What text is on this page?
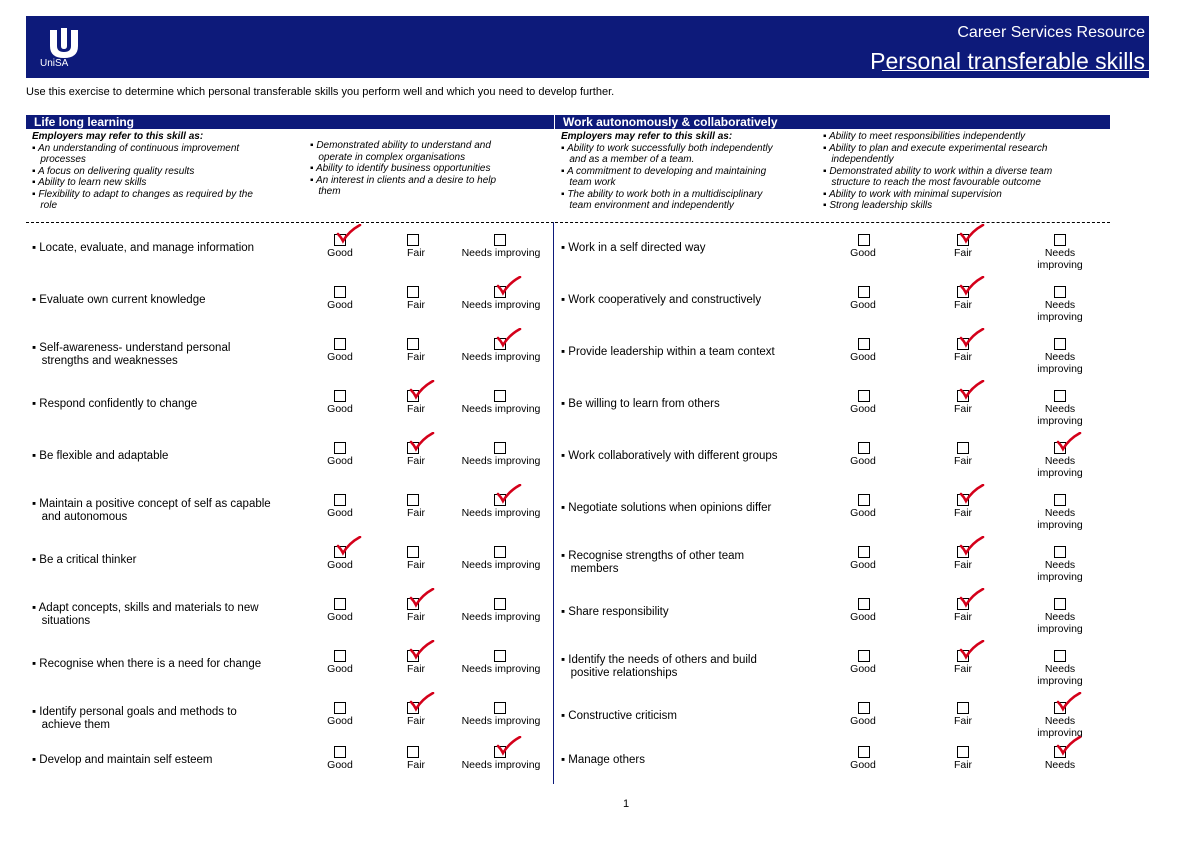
UniSA
Career Services Resource
Personal transferable skills
Use this exercise to determine which personal transferable skills you perform well and which you need to develop further.
Life long learning	Work autonomously & collaboratively
Employers may refer to this skill as:
▪ An understanding of continuous improvement
processes
▪ A focus on delivering quality results
▪ Ability to learn new skills
▪ Flexibility to adapt to changes as required by the
role
▪ Demonstrated ability to understand and
operate in complex organisations
▪ Ability to identify business opportunities
▪ An interest in clients and a desire to help
them
Employers may refer to this skill as:
▪ Ability to work successfully both independently
and as a member of a team.
▪ A commitment to developing and maintaining
team work
▪ The ability to work both in a multidisciplinary
team environment and independently
▪ Ability to meet responsibilities independently
▪ Ability to plan and execute experimental research
independently
▪ Demonstrated ability to work within a diverse team
structure to reach the most favourable outcome
▪ Ability to work with minimal supervision
▪ Strong leadership skills
▪ Locate, evaluate, and manage information	Good	Fair	Needs improving
▪ Evaluate own current knowledge	Good	Fair	Needs improving
▪ Self-awareness- understand personal
strengths and weaknesses	Good	Fair	Needs improving
▪ Respond confidently to change	Good	Fair	Needs improving
▪ Be flexible and adaptable	Good	Fair	Needs improving
▪ Maintain a positive concept of self as capable
and autonomous	Good	Fair	Needs improving
▪ Be a critical thinker	Good	Fair	Needs improving
▪ Adapt concepts, skills and materials to new
situations	Good	Fair	Needs improving
▪ Recognise when there is a need for change	Good	Fair	Needs improving
▪ Identify personal goals and methods to
achieve them	Good	Fair	Needs improving
▪ Develop and maintain self esteem	Good	Fair	Needs improving
▪ Work in a self directed way	Good	Fair	Needs
improving
▪ Work cooperatively and constructively	Good	Fair	Needs
improving
▪ Provide leadership within a team context	Good	Fair	Needs
improving
▪ Be willing to learn from others	Good	Fair	Needs
improving
▪ Work collaboratively with different groups	Good	Fair	Needs
improving
▪ Negotiate solutions when opinions differ	Good	Fair	Needs
improving
▪ Recognise strengths of other team
members	Good	Fair	Needs
improving
▪ Share responsibility	Good	Fair	Needs
improving
▪ Identify the needs of others and build
positive relationships	Good	Fair	Needs
improving
▪ Constructive criticism	Good	Fair	Needs
improving
▪ Manage others	Good	Fair	Needs
1
